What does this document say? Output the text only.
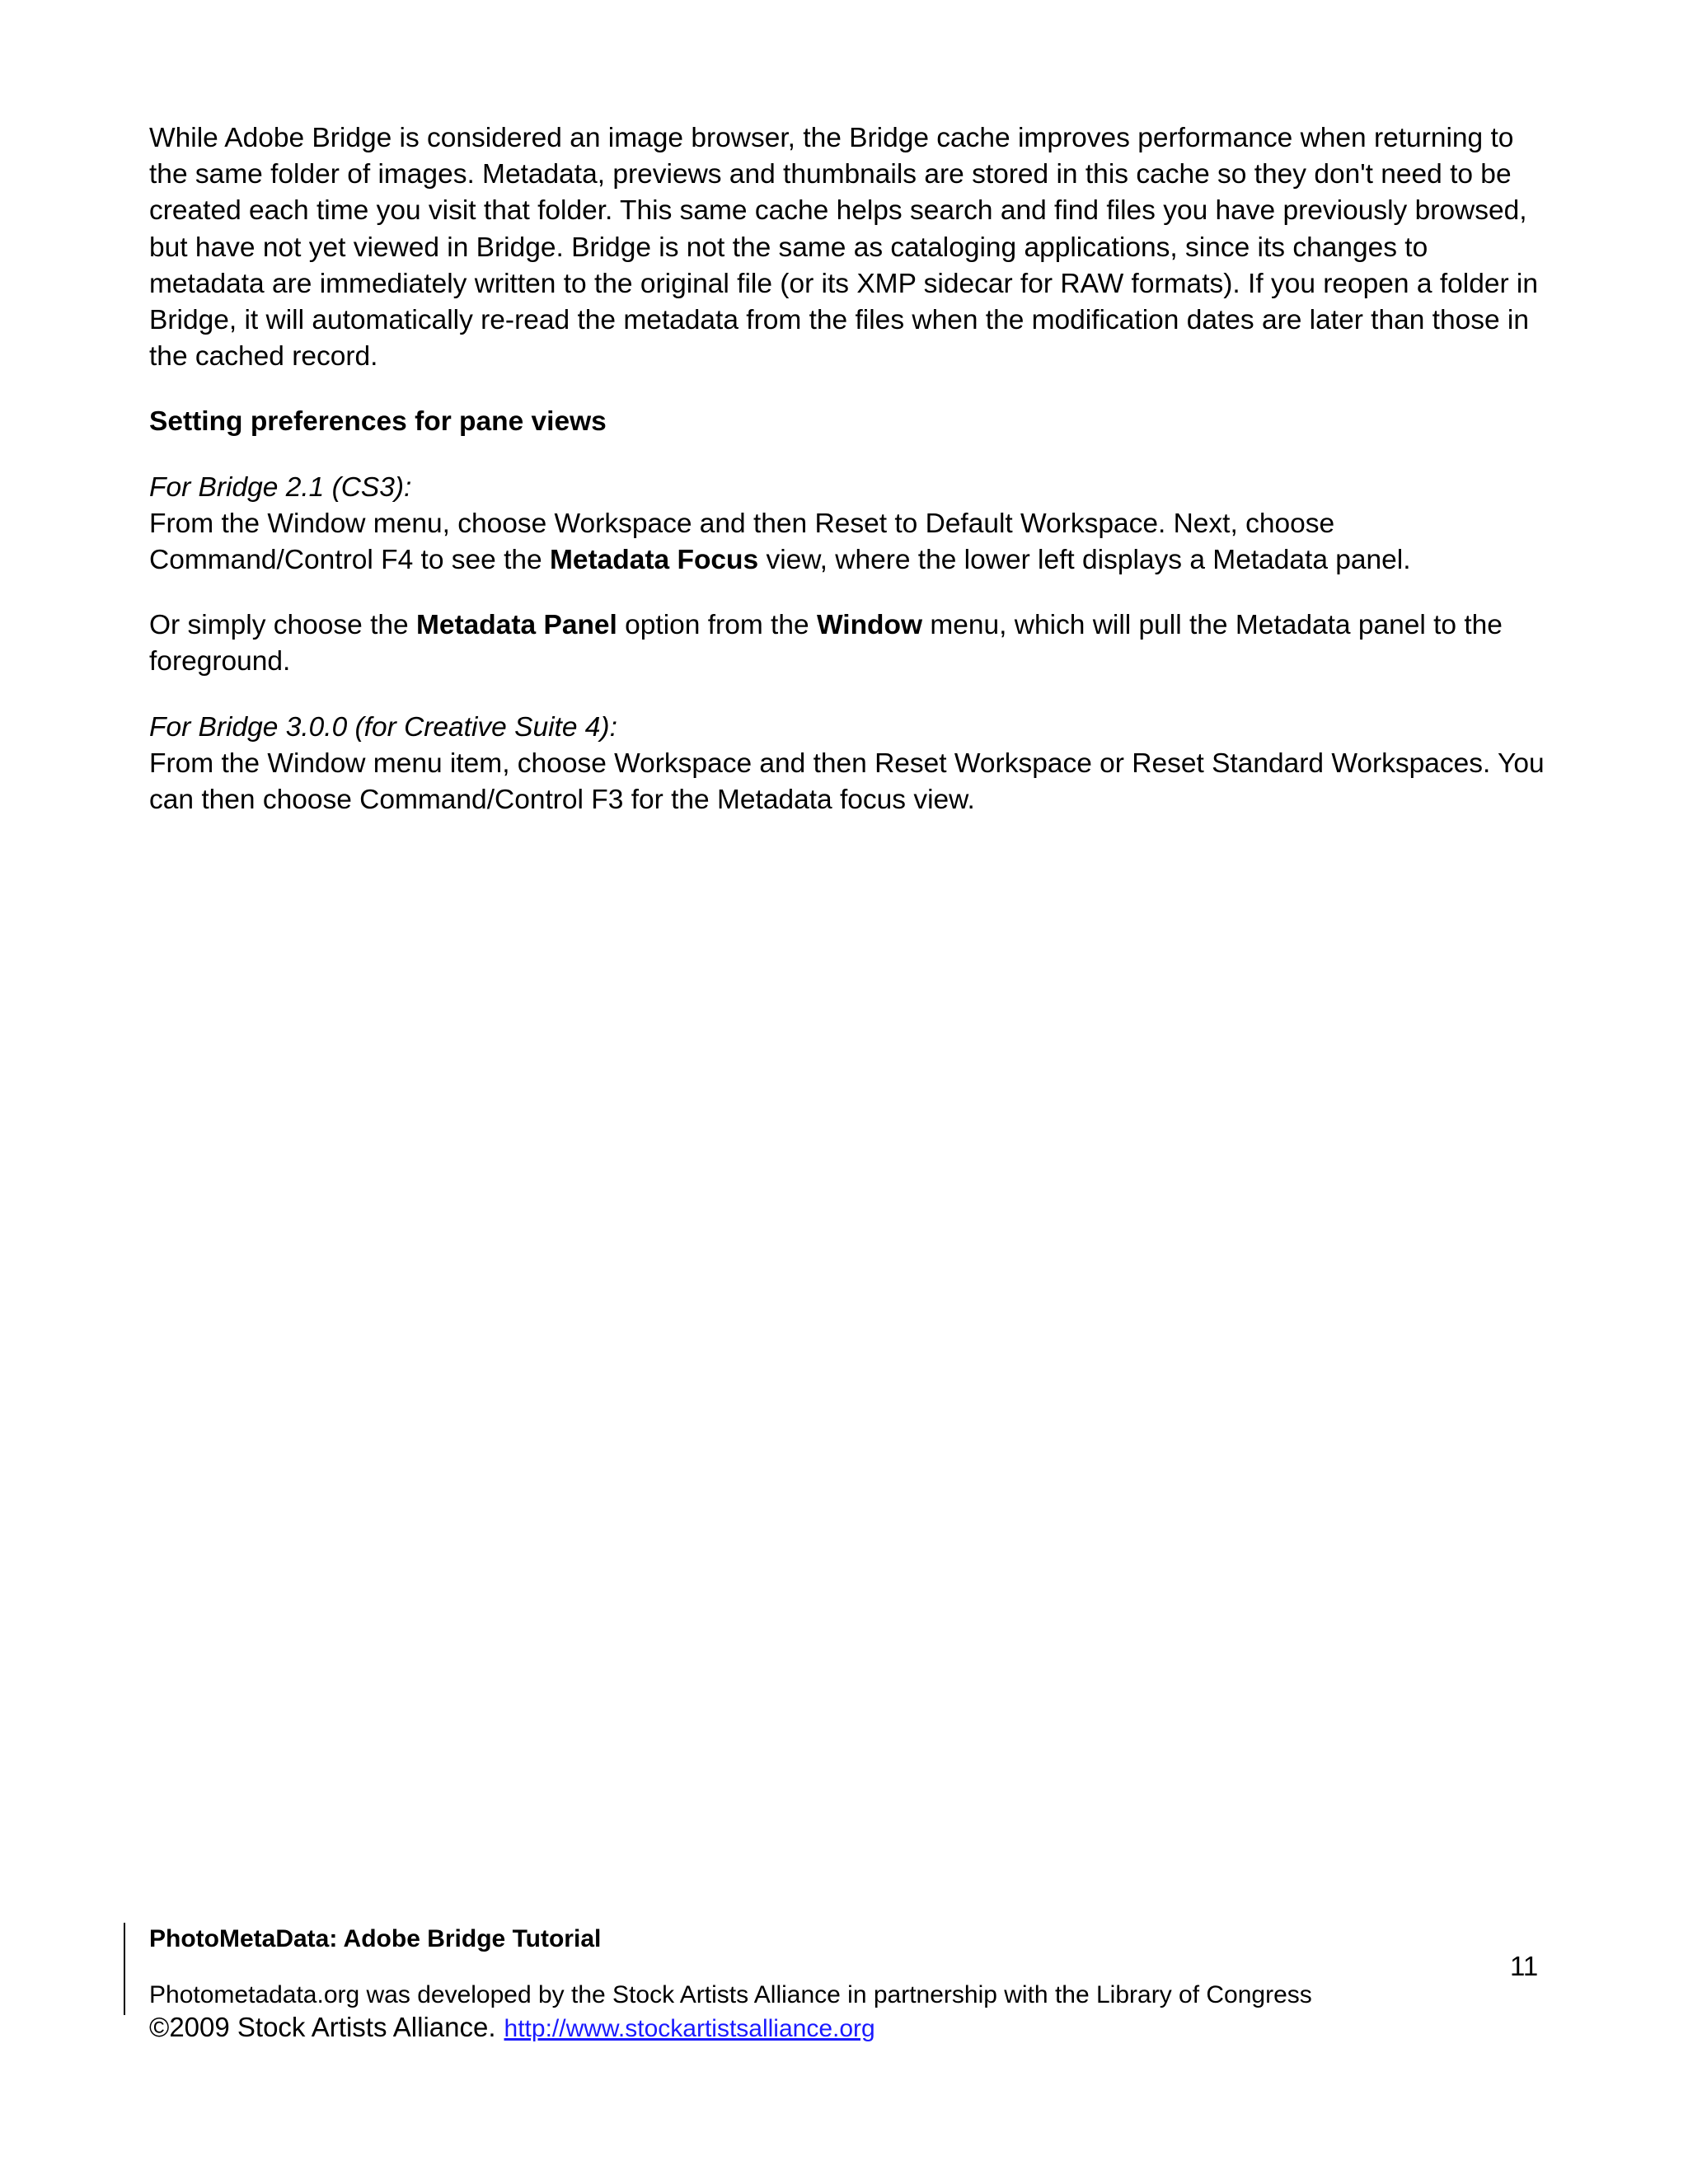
While Adobe Bridge is considered an image browser, the Bridge cache improves performance when returning to the same folder of images. Metadata, previews and thumbnails are stored in this cache so they don't need to be created each time you visit that folder. This same cache helps search and find files you have previously browsed, but have not yet viewed in Bridge. Bridge is not the same as cataloging applications, since its changes to metadata are immediately written to the original file (or its XMP sidecar for RAW formats). If you reopen a folder in Bridge, it will automatically re-read the metadata from the files when the modification dates are later than those in the cached record.

Setting preferences for pane views

For Bridge 2.1 (CS3):

From the Window menu, choose Workspace and then Reset to Default Workspace. Next, choose Command/Control F4 to see the Metadata Focus view, where the lower left displays a Metadata panel.

Or simply choose the Metadata Panel option from the Window menu, which will pull the Metadata panel to the foreground.

For Bridge 3.0.0 (for Creative Suite 4):

From the Window menu item, choose Workspace and then Reset Workspace or Reset Standard Workspaces. You can then choose Command/Control F3 for the Metadata focus view.

PhotoMetaData: Adobe Bridge Tutorial
Photometadata.org was developed by the Stock Artists Alliance in partnership with the Library of Congress
©2009 Stock Artists Alliance. http://www.stockartistsalliance.org
11
